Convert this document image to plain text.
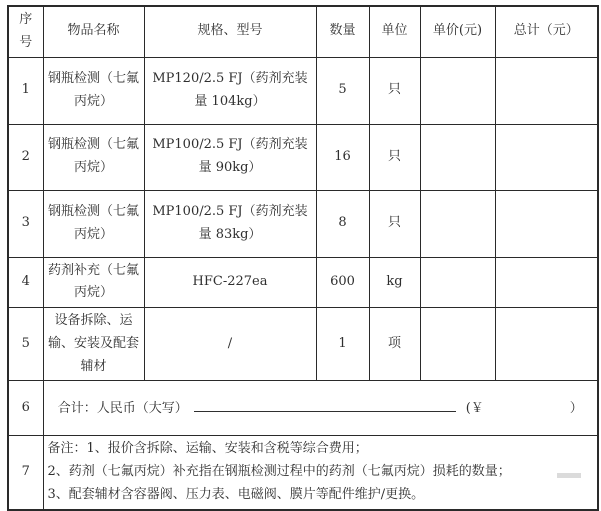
序号	物品名称	规格、型号	数量	单位	单价(元)	总计（元）
1	钢瓶检测（七氟丙烷）	MP120/2.5 FJ（药剂充装量 104kg）	5	只		
2	钢瓶检测（七氟丙烷）	MP100/2.5 FJ（药剂充装量 90kg）	16	只		
3	钢瓶检测（七氟丙烷）	MP100/2.5 FJ（药剂充装量 83kg）	8	只		
4	药剂补充（七氟丙烷）	HFC-227ea	600	kg		
5	设备拆除、运输、安装及配套辅材	/	1	项		
6	合计：人民币（大写） (￥ ）					
7	备注：1、报价含拆除、运输、安装和含税等综合费用；
2、药剂（七氟丙烷）补充指在钢瓶检测过程中的药剂（七氟丙烷）损耗的数量；
3、配套辅材含容器阀、压力表、电磁阀、膜片等配件维护/更换。					
